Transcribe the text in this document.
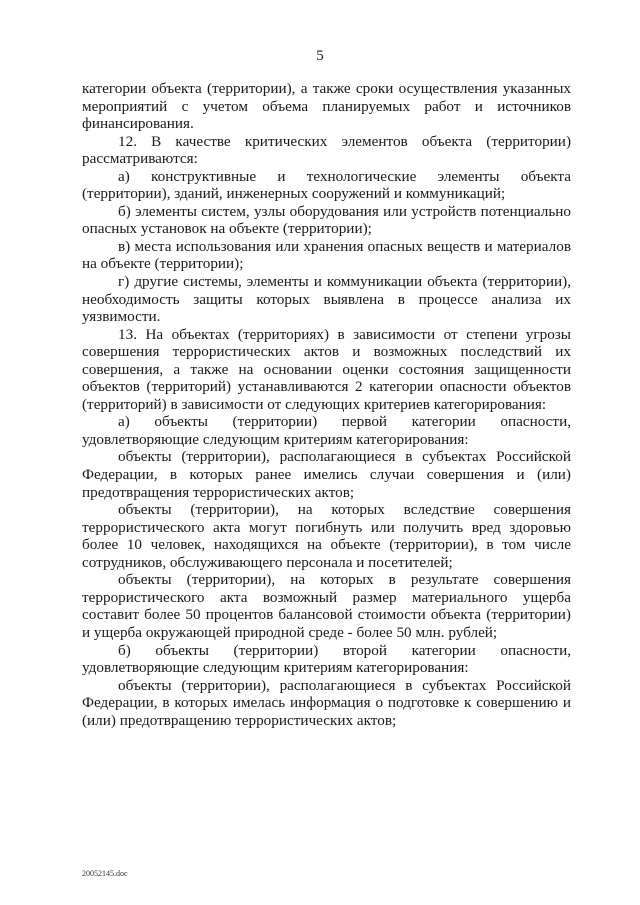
5

категории объекта (территории), а также сроки осуществления указанных мероприятий с учетом объема планируемых работ и источников финансирования.

12. В качестве критических элементов объекта (территории) рассматриваются:

а) конструктивные и технологические элементы объекта (территории), зданий, инженерных сооружений и коммуникаций;

б) элементы систем, узлы оборудования или устройств потенциально опасных установок на объекте (территории);

в) места использования или хранения опасных веществ и материалов на объекте (территории);

г) другие системы, элементы и коммуникации объекта (территории), необходимость защиты которых выявлена в процессе анализа их уязвимости.

13. На объектах (территориях) в зависимости от степени угрозы совершения террористических актов и возможных последствий их совершения, а также на основании оценки состояния защищенности объектов (территорий) устанавливаются 2 категории опасности объектов (территорий) в зависимости от следующих критериев категорирования:

а) объекты (территории) первой категории опасности, удовлетворяющие следующим критериям категорирования:

объекты (территории), располагающиеся в субъектах Российской Федерации, в которых ранее имелись случаи совершения и (или) предотвращения террористических актов;

объекты (территории), на которых вследствие совершения террористического акта могут погибнуть или получить вред здоровью более 10 человек, находящихся на объекте (территории), в том числе сотрудников, обслуживающего персонала и посетителей;

объекты (территории), на которых в результате совершения террористического акта возможный размер материального ущерба составит более 50 процентов балансовой стоимости объекта (территории) и ущерба окружающей природной среде - более 50 млн. рублей;

б) объекты (территории) второй категории опасности, удовлетворяющие следующим критериям категорирования:

объекты (территории), располагающиеся в субъектах Российской Федерации, в которых имелась информация о подготовке к совершению и (или) предотвращению террористических актов;

20052145.doc
